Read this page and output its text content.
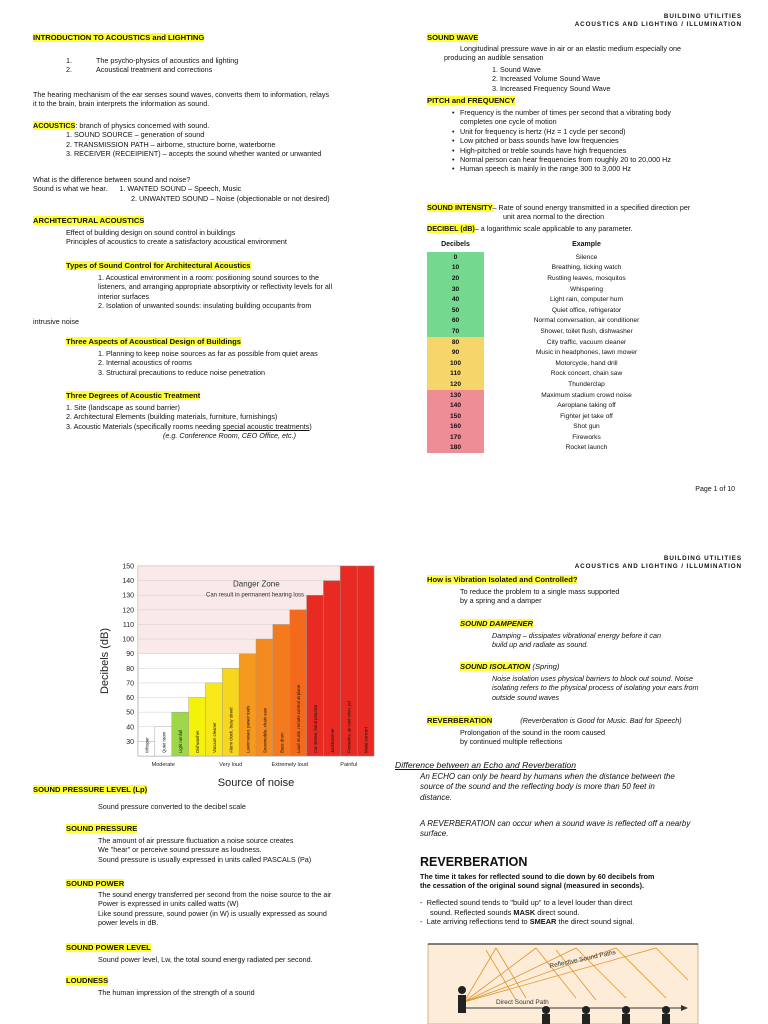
BUILDING UTILITIES
ACOUSTICS AND LIGHTING / ILLUMINATION
INTRODUCTION TO ACOUSTICS and LIGHTING
1.	The psycho-physics of acoustics and lighting
2.	Acoustical treatment and corrections
The hearing mechanism of the ear senses sound waves, converts them to information, relays
it to the brain, brain interprets the information as sound.
ACOUSTICS: branch of physics concerned with sound.
1. SOUND SOURCE – generation of sound
2. TRANSMISSION PATH – airborne, structure borne, waterborne
3. RECEIVER (RECEIPIENT) – accepts the sound whether wanted or unwanted
What is the difference between sound and noise?
Sound is what we hear. 1. WANTED SOUND – Speech, Music
2. UNWANTED SOUND – Noise (objectionable or not desired)
ARCHITECTURAL ACOUSTICS
Effect of building design on sound control in buildings
Principles of acoustics to create a satisfactory acoustical environment
Types of Sound Control for Architectural Acoustics
1. Acoustical environment in a room: positioning sound sources to the
listeners, and arranging appropriate absorptivity or reflectivity levels for all
interior surfaces
2. Isolation of unwanted sounds: insulating building occupants from
intrusive noise
Three Aspects of Acoustical Design of Buildings
1. Planning to keep noise sources as far as possible from quiet areas
2. Internal acoustics of rooms
3. Structural precautions to reduce noise penetration
Three Degrees of Acoustic Treatment
1. Site (landscape as sound barrier)
2. Architectural Elements (building materials, furniture, furnishings)
3. Acoustic Materials (specifically rooms needing special acoustic treatments)
(e.g. Conference Room, CEO Office, etc.)
SOUND WAVE
Longitudinal pressure wave in air or an elastic medium especially one
producing an audible sensation
1. Sound Wave
2. Increased Volume Sound Wave
3. Increased Frequency Sound Wave
PITCH and FREQUENCY
• Frequency is the number of times per second that a vibrating body
completes one cycle of motion
• Unit for frequency is hertz (Hz = 1 cycle per second)
• Low pitched or bass sounds have low frequencies
• High-pitched or treble sounds have high frequencies
• Normal person can hear frequencies from roughly 20 to 20,000 Hz
• Human speech is mainly in the range 300 to 3,000 Hz
SOUND INTENSITY– Rate of sound energy transmitted in a specified direction per
unit area normal to the direction
DECIBEL (dB)– a logarithmic scale applicable to any parameter.
Decibels	Example
0	Silence
10	Breathing, ticking watch
20	Rustling leaves, mosquitos
30	Whispering
40	Light rain, computer hum
50	Quiet office, refrigerator
60	Normal conversation, air conditioner
70	Shower, toilet flush, dishwasher
80	City traffic, vacuum cleaner
90	Music in headphones, lawn mower
100	Motorcycle, hand drill
110	Rock concert, chain saw
120	Thunderclap
130	Maximum stadium crowd noise
140	Aeroplane taking off
150	Fighter jet take off
160	Shot gun
170	Fireworks
180	Rocket launch
Page 1 of 10
BUILDING UTILITIES
ACOUSTICS AND LIGHTING / ILLUMINATION
30
40
50
60
70
80
90
100
110
120
130
140
150
Whisper	Quiet room	Light rainfall	Dishwasher	Vacuum cleaner	Alarm clock, busy street	Lawnmower, power tools	Snowmobile, chain saw	Bass drum	Loud music, remote control airplane	Car stereo, band practice	Jackhammer	Fireworks, air-raid siren, jet	Metal concert
Danger Zone
Can result in permanent hearing loss
Moderate	Very loud	Extremely loud	Painful
Source of noise
Decibels (dB)
SOUND PRESSURE LEVEL (Lp)
Sound pressure converted to the decibel scale
SOUND PRESSURE
The amount of air pressure fluctuation a noise source creates
We "hear" or perceive sound pressure as loudness.
Sound pressure is usually expressed in units called PASCALS (Pa)
SOUND POWER
The sound energy transferred per second from the noise source to the air
Power is expressed in units called watts (W)
Like sound pressure, sound power (in W) is usually expressed as sound
power levels in dB.
SOUND POWER LEVEL
Sound power level, Lw, the total sound energy radiated per second.
LOUDNESS
The human impression of the strength of a sound
How is Vibration Isolated and Controlled?
To reduce the problem to a single mass supported
by a spring and a damper
SOUND DAMPENER
Damping – dissipates vibrational energy before it can
build up and radiate as sound.
SOUND ISOLATION (Spring)
Noise isolation uses physical barriers to block out sound. Noise
isolating refers to the physical process of isolating your ears from
outside sound waves
REVERBERATION	(Reverberation is Good for Music. Bad for Speech)
Prolongation of the sound in the room caused
by continued multiple reflections
Difference between an Echo and Reverberation
An ECHO can only be heard by humans when the distance between the
source of the sound and the reflecting body is more than 50 feet in
distance.
A REVERBERATION can occur when a sound wave is reflected off a nearby
surface.
REVERBERATION
The time it takes for reflected sound to die down by 60 decibels from
the cessation of the original sound signal (measured in seconds).
-  Reflected sound tends to "build up" to a level louder than direct
sound. Reflected sounds MASK direct sound.
-  Late arriving reflections tend to SMEAR the direct sound signal.
Reflective Sound Paths
Direct Sound Path
